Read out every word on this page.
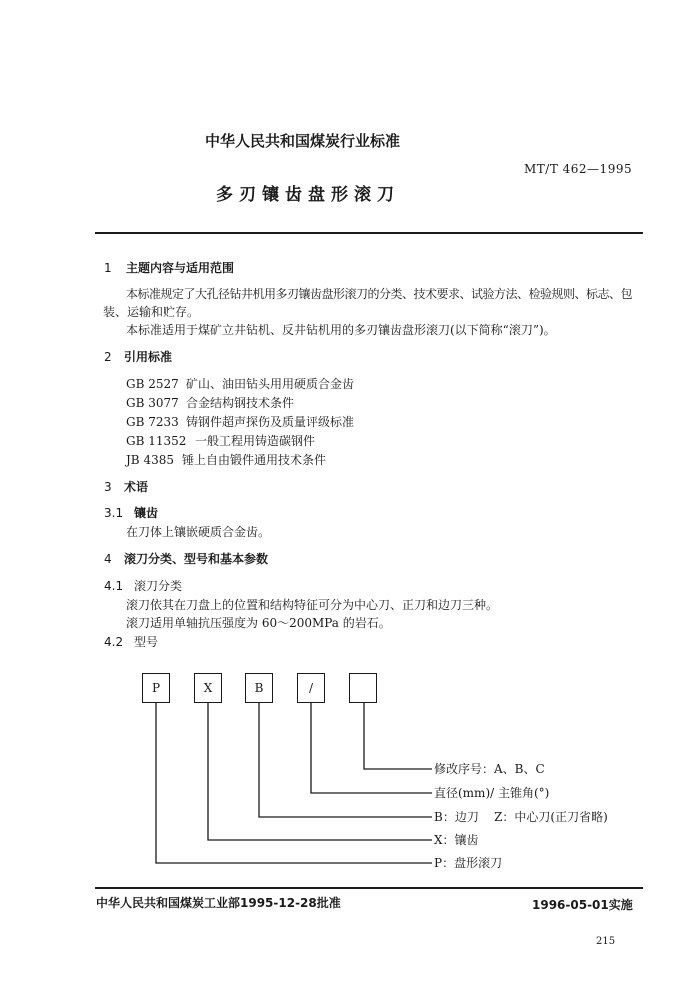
中华人民共和国煤炭行业标准
MT/T 462—1995
多刃镶齿盘形滚刀
1 主题内容与适用范围
本标准规定了大孔径钻井机用多刃镶齿盘形滚刀的分类、技术要求、试验方法、检验规则、标志、包
装、运输和贮存。
本标准适用于煤矿立井钻机、反井钻机用的多刃镶齿盘形滚刀(以下简称“滚刀”)。
2 引用标准
GB 2527 矿山、油田钻头用用硬质合金齿
GB 3077 合金结构钢技术条件
GB 7233 铸钢件超声探伤及质量评级标准
GB 11352 一般工程用铸造碳钢件
JB 4385 锤上自由锻件通用技术条件
3 术语
3.1 镶齿
在刀体上镶嵌硬质合金齿。
4 滚刀分类、型号和基本参数
4.1 滚刀分类
滚刀依其在刀盘上的位置和结构特征可分为中心刀、正刀和边刀三种。
滚刀适用单轴抗压强度为 60～200MPa 的岩石。
4.2 型号
P	X	B	/
修改序号：A、B、C
直径(mm)/ 主锥角(°)
B：边刀    Z：中心刀(正刀省略)
X：镶齿
P：盘形滚刀
中华人民共和国煤炭工业部1995-12-28批准	1996-05-01实施
215
